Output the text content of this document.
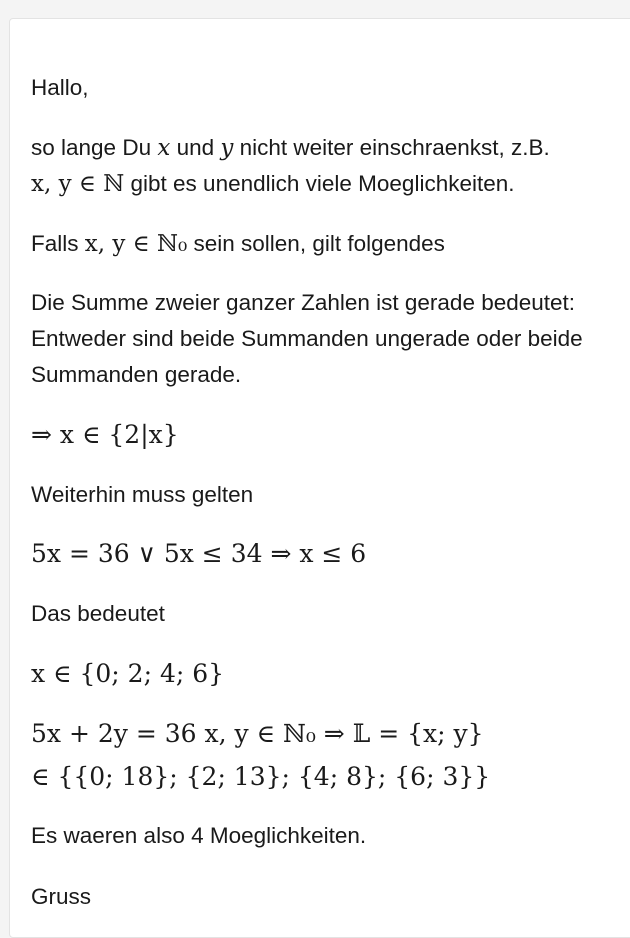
Hallo,
so lange Du x und y nicht weiter einschraenkst, z.B.
x, y ∈ ℕ gibt es unendlich viele Moeglichkeiten.
Falls x, y ∈ ℕ₀ sein sollen, gilt folgendes
Die Summe zweier ganzer Zahlen ist gerade bedeutet:
Entweder sind beide Summanden ungerade oder beide
Summanden gerade.
⇒ x ∈ {2|x}
Weiterhin muss gelten
5x = 36 ∨ 5x ≤ 34 ⇒ x ≤ 6
Das bedeutet
x ∈ {0; 2; 4; 6}
5x + 2y = 36 x, y ∈ ℕ₀ ⇒ 𝕃 = {x; y}
∈ {{0; 18}; {2; 13}; {4; 8}; {6; 3}}
Es waeren also 4 Moeglichkeiten.
Gruss
